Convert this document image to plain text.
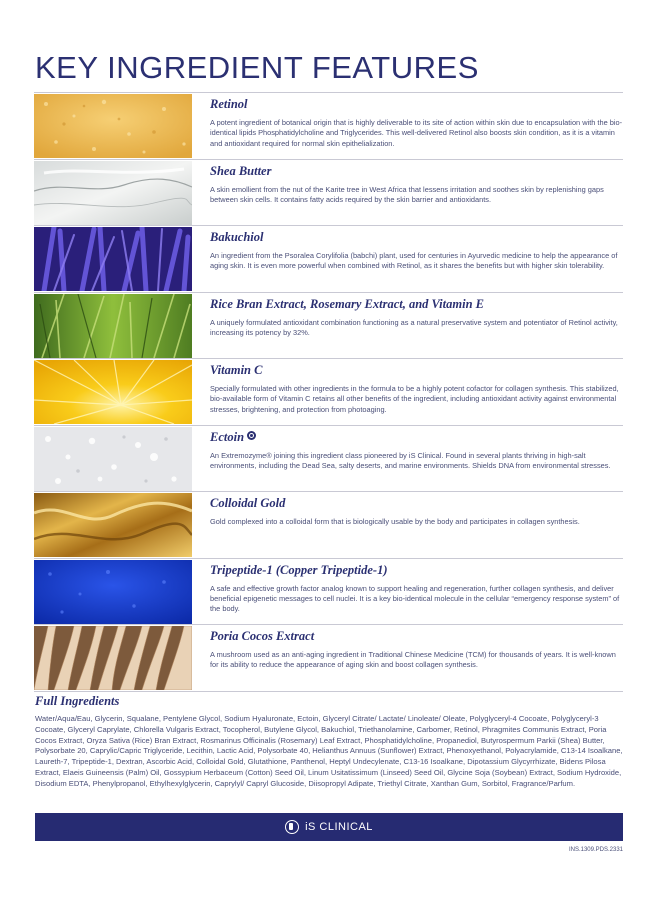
KEY INGREDIENT FEATURES

Retinol

A potent ingredient of botanical origin that is highly deliverable to its site of action within skin due to encapsulation with the bio-identical lipids Phosphatidylcholine and Triglycerides. This well-delivered Retinol also boosts skin condition, as it is a vitamin and antioxidant required for normal skin epithelialization.

Shea Butter

A skin emollient from the nut of the Karite tree in West Africa that lessens irritation and soothes skin by replenishing gaps between skin cells. It contains fatty acids required by the skin barrier and antioxidants.

Bakuchiol

An ingredient from the Psoralea Corylifolia (babchi) plant, used for centuries in Ayurvedic medicine to help the appearance of aging skin. It is even more powerful when combined with Retinol, as it shares the benefits but with higher skin tolerability.

Rice Bran Extract, Rosemary Extract, and Vitamin E

A uniquely formulated antioxidant combination functioning as a natural preservative system and potentiator of Retinol activity, increasing its potency by 32%.

Vitamin C

Specially formulated with other ingredients in the formula to be a highly potent cofactor for collagen synthesis. This stabilized, bio-available form of Vitamin C retains all other benefits of the ingredient, including antioxidant activity against environmental stresses, brightening, and protection from photoaging.

Ectoin

An Extremozyme® joining this ingredient class pioneered by iS Clinical. Found in several plants thriving in high-salt environments, including the Dead Sea, salty deserts, and marine environments. Shields DNA from environmental stresses.

Colloidal Gold

Gold complexed into a colloidal form that is biologically usable by the body and participates in collagen synthesis.

Tripeptide-1 (Copper Tripeptide-1)

A safe and effective growth factor analog known to support healing and regeneration, further collagen synthesis, and deliver beneficial epigenetic messages to cell nuclei. It is a key bio-identical molecule in the cellular “emergency response system” of the body.

Poria Cocos Extract

A mushroom used as an anti-aging ingredient in Traditional Chinese Medicine (TCM) for thousands of years. It is well-known for its ability to reduce the appearance of aging skin and boost collagen synthesis.

Full Ingredients

Water/Aqua/Eau, Glycerin, Squalane, Pentylene Glycol, Sodium Hyaluronate, Ectoin, Glyceryl Citrate/ Lactate/ Linoleate/ Oleate, Polyglyceryl-4 Cocoate, Polyglyceryl-3 Cocoate, Glyceryl Caprylate, Chlorella Vulgaris Extract, Tocopherol, Butylene Glycol, Bakuchiol, Triethanolamine, Carbomer, Retinol, Phragmites Communis Extract, Poria Cocos Extract, Oryza Sativa (Rice) Bran Extract, Rosmarinus Officinalis (Rosemary) Leaf Extract, Phosphatidylcholine, Propanediol, Butyrospermum Parkii (Shea) Butter, Polysorbate 20, Caprylic/Capric Triglyceride, Lecithin, Lactic Acid, Polysorbate 40, Helianthus Annuus (Sunflower) Extract, Phenoxyethanol, Polyacrylamide, C13-14 Isoalkane, Laureth-7, Tripeptide-1, Dextran, Ascorbic Acid, Colloidal Gold, Glutathione, Panthenol, Heptyl Undecylenate, C13-16 Isoalkane, Dipotassium Glycyrrhizate, Bidens Pilosa Extract, Elaeis Guineensis (Palm) Oil, Gossypium Herbaceum (Cotton) Seed Oil, Linum Usitatissimum (Linseed) Seed Oil, Glycine Soja (Soybean) Extract, Sodium Hydroxide, Disodium EDTA, Phenylpropanol, Ethylhexylglycerin, Caprylyl/ Capryl Glucoside, Diisopropyl Adipate, Triethyl Citrate, Xanthan Gum, Sorbitol, Fragrance/Parfum.

iS CLINICAL

INS.1309.PDS.2331
